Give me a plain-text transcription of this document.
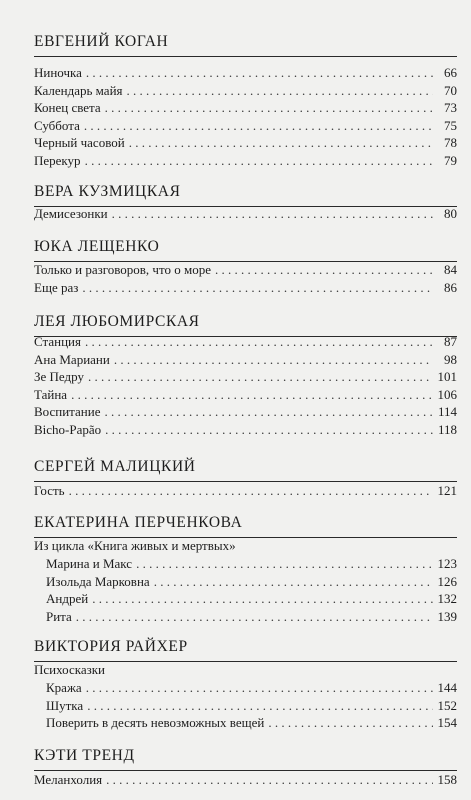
ЕВГЕНИЙ КОГАН
Ниночка . . .	66
Календарь майя . . .	70
Конец света . . .	73
Суббота . . .	75
Черный часовой . . .	78
Перекур . . .	79
ВЕРА КУЗМИЦКАЯ
Демисезонки . . .	80
ЮКА ЛЕЩЕНКО
Только и разговоров, что о море . . .	84
Еще раз . . .	86
ЛЕЯ ЛЮБОМИРСКАЯ
Станция . . .	87
Ана Мариани . . .	98
Зе Педру . . .	101
Тайна . . .	106
Воспитание . . .	114
Bicho-Papão . . .	118
СЕРГЕЙ МАЛИЦКИЙ
Гость . . .	121
ЕКАТЕРИНА ПЕРЧЕНКОВА
Из цикла «Книга живых и мертвых»
Марина и Макс . . .	123
Изольда Марковна . . .	126
Андрей . . .	132
Рита . . .	139
ВИКТОРИЯ РАЙХЕР
Психосказки
Кража . . .	144
Шутка . . .	152
Поверить в десять невозможных вещей . . .	154
КЭТИ ТРЕНД
Меланхолия . . .	158
